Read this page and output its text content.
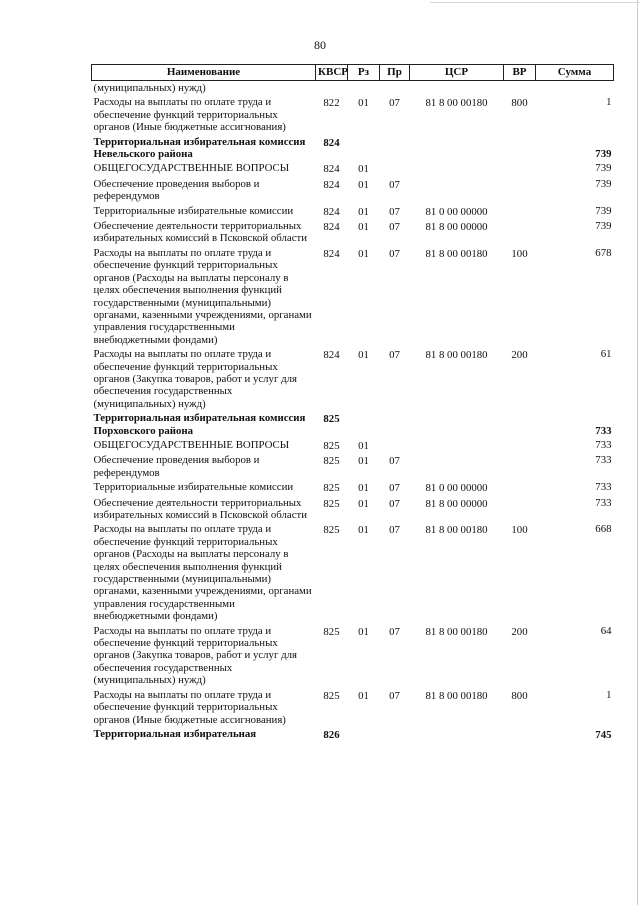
80
Наименование	КВСР	Рз	Пр	ЦСР	ВР	Сумма
(муниципальных) нужд)						
Расходы на выплаты по оплате труда и обеспечение функций территориальных органов (Иные бюджетные ассигнования)	822	01	07	81 8 00 00180	800	1
Территориальная избирательная комиссия Невельского района	824					739
ОБЩЕГОСУДАРСТВЕННЫЕ ВОПРОСЫ	824	01				739
Обеспечение проведения выборов и референдумов	824	01	07			739
Территориальные избирательные комиссии	824	01	07	81 0 00 00000		739
Обеспечение деятельности территориальных избирательных комиссий в Псковской области	824	01	07	81 8 00 00000		739
Расходы на выплаты по оплате труда и обеспечение функций территориальных органов (Расходы на выплаты персоналу в целях обеспечения выполнения функций государственными (муниципальными) органами, казенными учреждениями, органами управления государственными внебюджетными фондами)	824	01	07	81 8 00 00180	100	678
Расходы на выплаты по оплате труда и обеспечение функций территориальных органов (Закупка товаров, работ и услуг для обеспечения государственных (муниципальных) нужд)	824	01	07	81 8 00 00180	200	61
Территориальная избирательная комиссия Порховского района	825					733
ОБЩЕГОСУДАРСТВЕННЫЕ ВОПРОСЫ	825	01				733
Обеспечение проведения выборов и референдумов	825	01	07			733
Территориальные избирательные комиссии	825	01	07	81 0 00 00000		733
Обеспечение деятельности территориальных избирательных комиссий в Псковской области	825	01	07	81 8 00 00000		733
Расходы на выплаты по оплате труда и обеспечение функций территориальных органов (Расходы на выплаты персоналу в целях обеспечения выполнения функций государственными (муниципальными) органами, казенными учреждениями, органами управления государственными внебюджетными фондами)	825	01	07	81 8 00 00180	100	668
Расходы на выплаты по оплате труда и обеспечение функций территориальных органов (Закупка товаров, работ и услуг для обеспечения государственных (муниципальных) нужд)	825	01	07	81 8 00 00180	200	64
Расходы на выплаты по оплате труда и обеспечение функций территориальных органов (Иные бюджетные ассигнования)	825	01	07	81 8 00 00180	800	1
Территориальная избирательная	826					745
